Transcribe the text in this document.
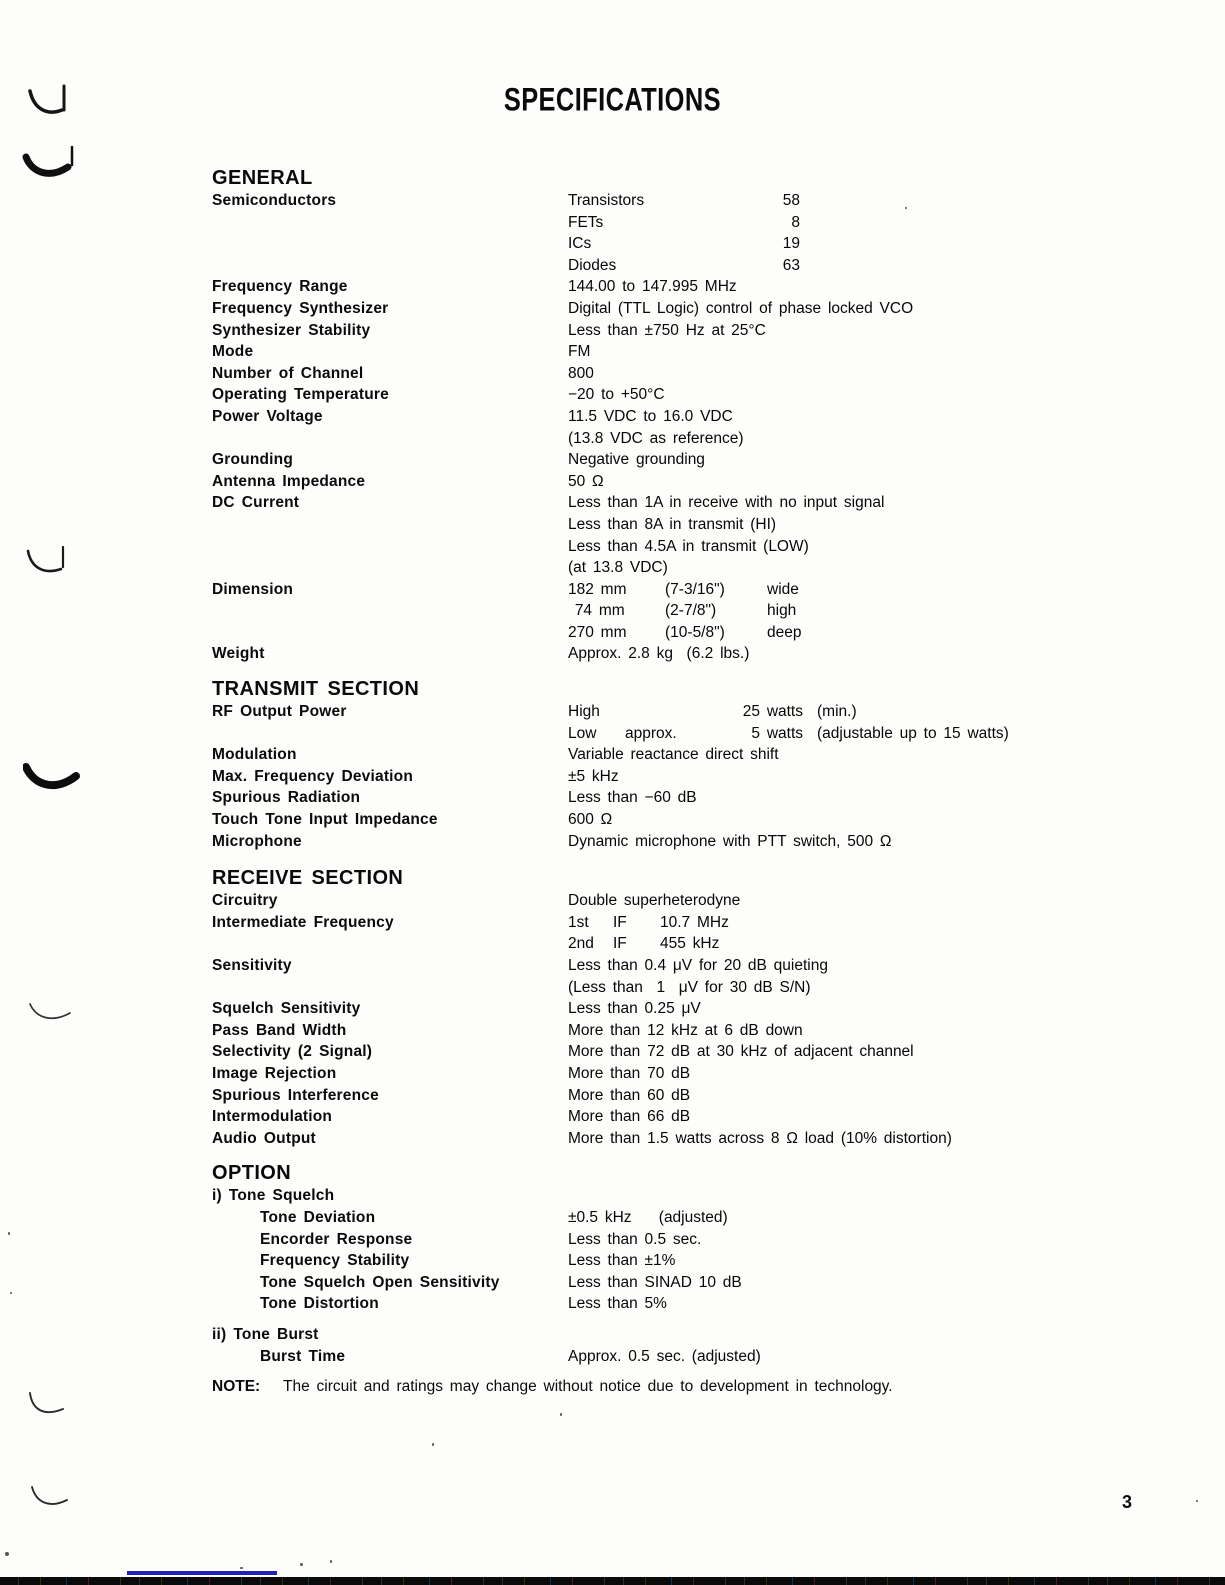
SPECIFICATIONS
GENERAL
Semiconductors	Transistors	58
FETs	8
ICs	19
Diodes	63
Frequency Range	144.00 to 147.995 MHz
Frequency Synthesizer	Digital (TTL Logic) control of phase locked VCO
Synthesizer Stability	Less than ±750 Hz at 25°C
Mode	FM
Number of Channel	800
Operating Temperature	−20 to +50°C
Power Voltage	11.5 VDC to 16.0 VDC
(13.8 VDC as reference)
Grounding	Negative grounding
Antenna Impedance	50 Ω
DC Current	Less than 1A in receive with no input signal
Less than 8A in transmit (HI)
Less than 4.5A in transmit (LOW)
(at 13.8 VDC)
Dimension	182 mm	(7-3/16")	wide
74 mm	(2-7/8")	high
270 mm	(10-5/8")	deep
Weight	Approx. 2.8 kg  (6.2 lbs.)
TRANSMIT SECTION
RF Output Power	High	25 watts (min.)
Low	approx.	5 watts (adjustable up to 15 watts)
Modulation	Variable reactance direct shift
Max. Frequency Deviation	±5 kHz
Spurious Radiation	Less than −60 dB
Touch Tone Input Impedance	600 Ω
Microphone	Dynamic microphone with PTT switch, 500 Ω
RECEIVE SECTION
Circuitry	Double superheterodyne
Intermediate Frequency	1st	IF	10.7 MHz
2nd	IF	455 kHz
Sensitivity	Less than 0.4 μV for 20 dB quieting
(Less than  1  μV for 30 dB S/N)
Squelch Sensitivity	Less than 0.25 μV
Pass Band Width	More than 12 kHz at 6 dB down
Selectivity (2 Signal)	More than 72 dB at 30 kHz of adjacent channel
Image Rejection	More than 70 dB
Spurious Interference	More than 60 dB
Intermodulation	More than 66 dB
Audio Output	More than 1.5 watts across 8 Ω load (10% distortion)
OPTION
i) Tone Squelch
Tone Deviation	±0.5 kHz    (adjusted)
Encorder Response	Less than 0.5 sec.
Frequency Stability	Less than ±1%
Tone Squelch Open Sensitivity	Less than SINAD 10 dB
Tone Distortion	Less than 5%
ii) Tone Burst
Burst Time	Approx. 0.5 sec. (adjusted)
NOTE:	The circuit and ratings may change without notice due to development in technology.
3
